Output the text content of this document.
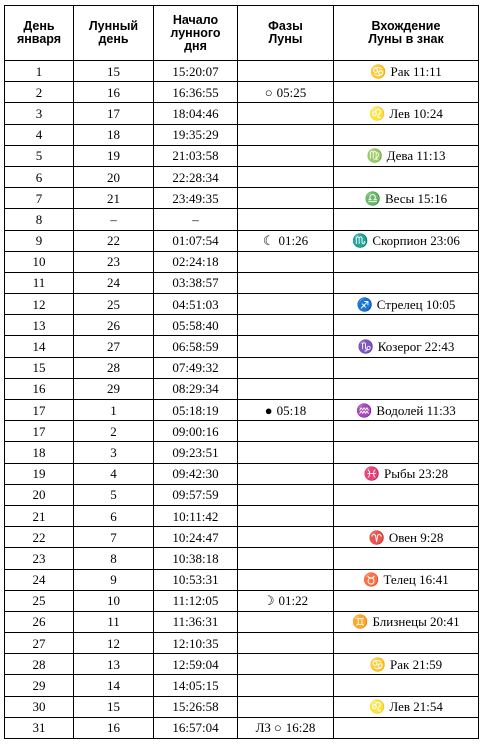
День
января	Лунный
день	Начало
лунного
дня	Фазы
Луны	Вхождение
Луны в знак

1	15	15:20:07		♋ Рак 11:11
2	16	16:36:55	○ 05:25	
3	17	18:04:46		♌ Лев 10:24
4	18	19:35:29		
5	19	21:03:58		♍ Дева 11:13
6	20	22:28:34		
7	21	23:49:35		♎ Весы 15:16
8	–	–		
9	22	01:07:54	☾ 01:26	♏ Скорпион 23:06
10	23	02:24:18		
11	24	03:38:57		
12	25	04:51:03		♐ Стрелец 10:05
13	26	05:58:40		
14	27	06:58:59		♑ Козерог 22:43
15	28	07:49:32		
16	29	08:29:34		
17	1	05:18:19	● 05:18	♒ Водолей 11:33
17	2	09:00:16		
18	3	09:23:51		
19	4	09:42:30		♓ Рыбы 23:28
20	5	09:57:59		
21	6	10:11:42		
22	7	10:24:47		♈ Овен 9:28
23	8	10:38:18		
24	9	10:53:31		♉ Телец 16:41
25	10	11:12:05	☽ 01:22	
26	11	11:36:31		♊ Близнецы 20:41
27	12	12:10:35		
28	13	12:59:04		♋ Рак 21:59
29	14	14:05:15		
30	15	15:26:58		♌ Лев 21:54
31	16	16:57:04	ЛЗ ○ 16:28	
